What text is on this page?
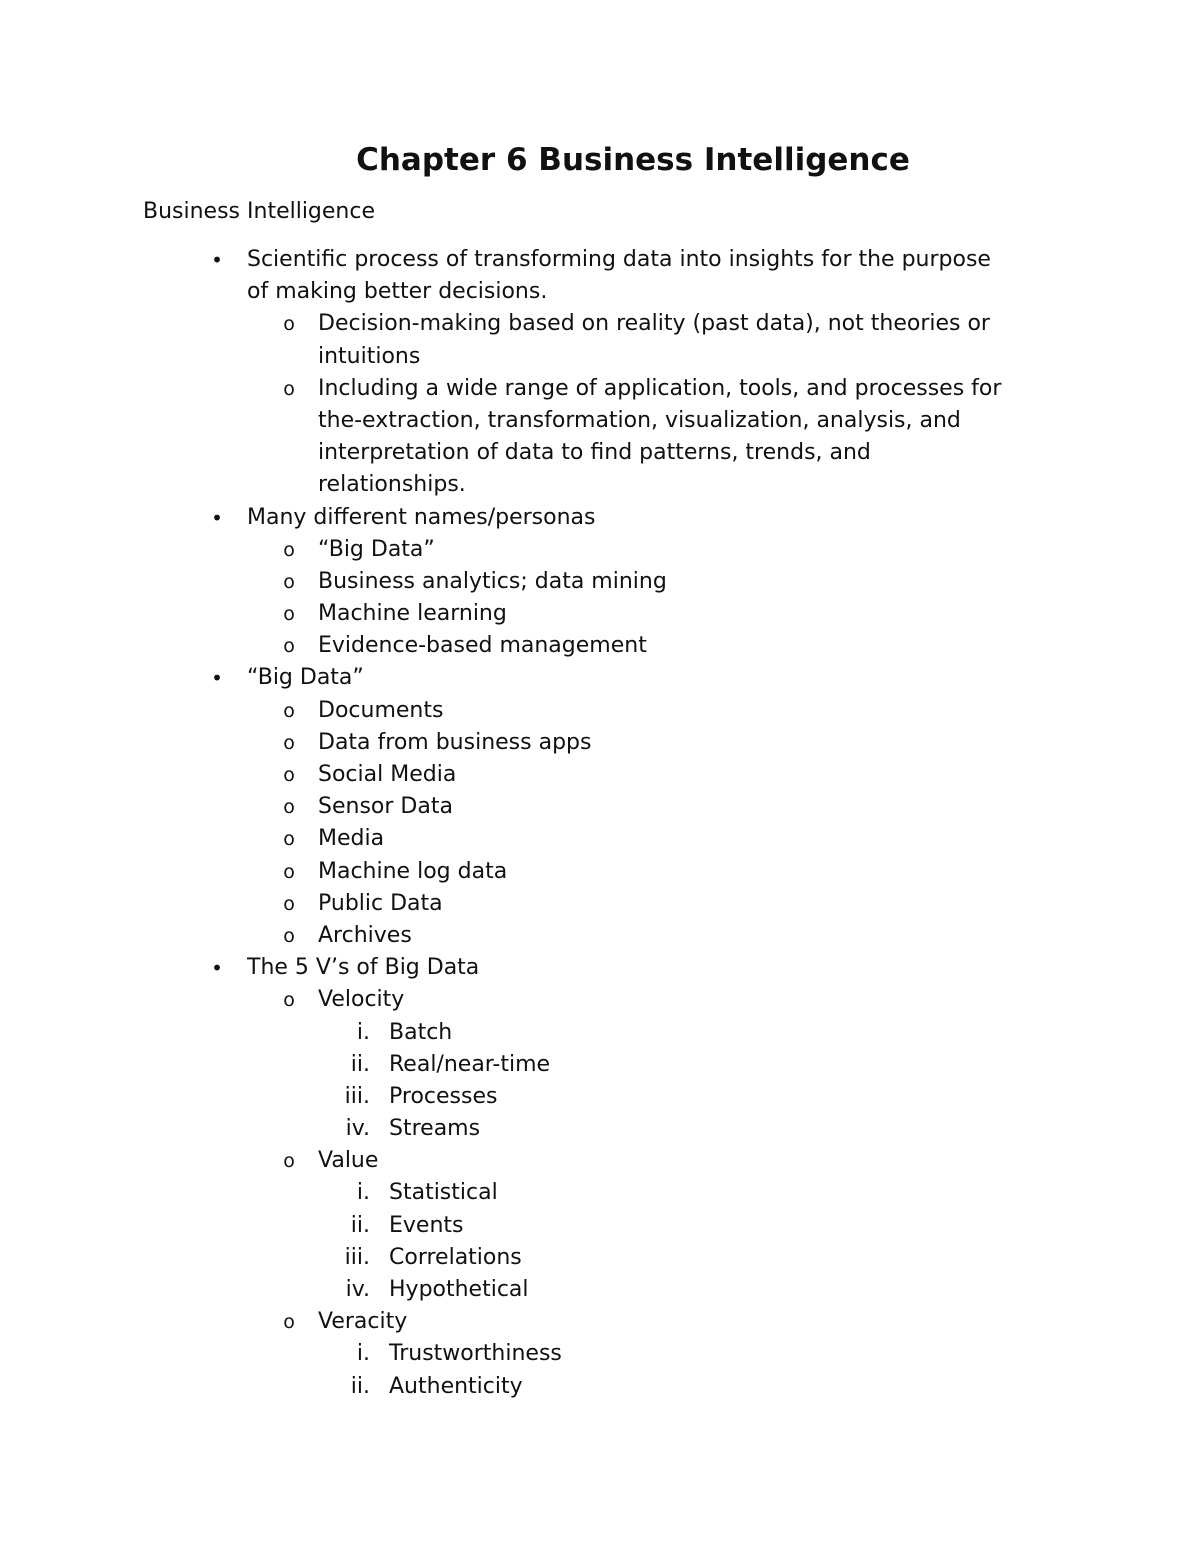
Chapter 6 Business Intelligence

Business Intelligence

• Scientific process of transforming data into insights for the purpose
of making better decisions.
o Decision-making based on reality (past data), not theories or
intuitions
o Including a wide range of application, tools, and processes for
the-extraction, transformation, visualization, analysis, and
interpretation of data to find patterns, trends, and
relationships.
• Many different names/personas
o “Big Data”
o Business analytics; data mining
o Machine learning
o Evidence-based management
• “Big Data”
o Documents
o Data from business apps
o Social Media
o Sensor Data
o Media
o Machine log data
o Public Data
o Archives
• The 5 V’s of Big Data
o Velocity
i. Batch
ii. Real/near-time
iii. Processes
iv. Streams
o Value
i. Statistical
ii. Events
iii. Correlations
iv. Hypothetical
o Veracity
i. Trustworthiness
ii. Authenticity
